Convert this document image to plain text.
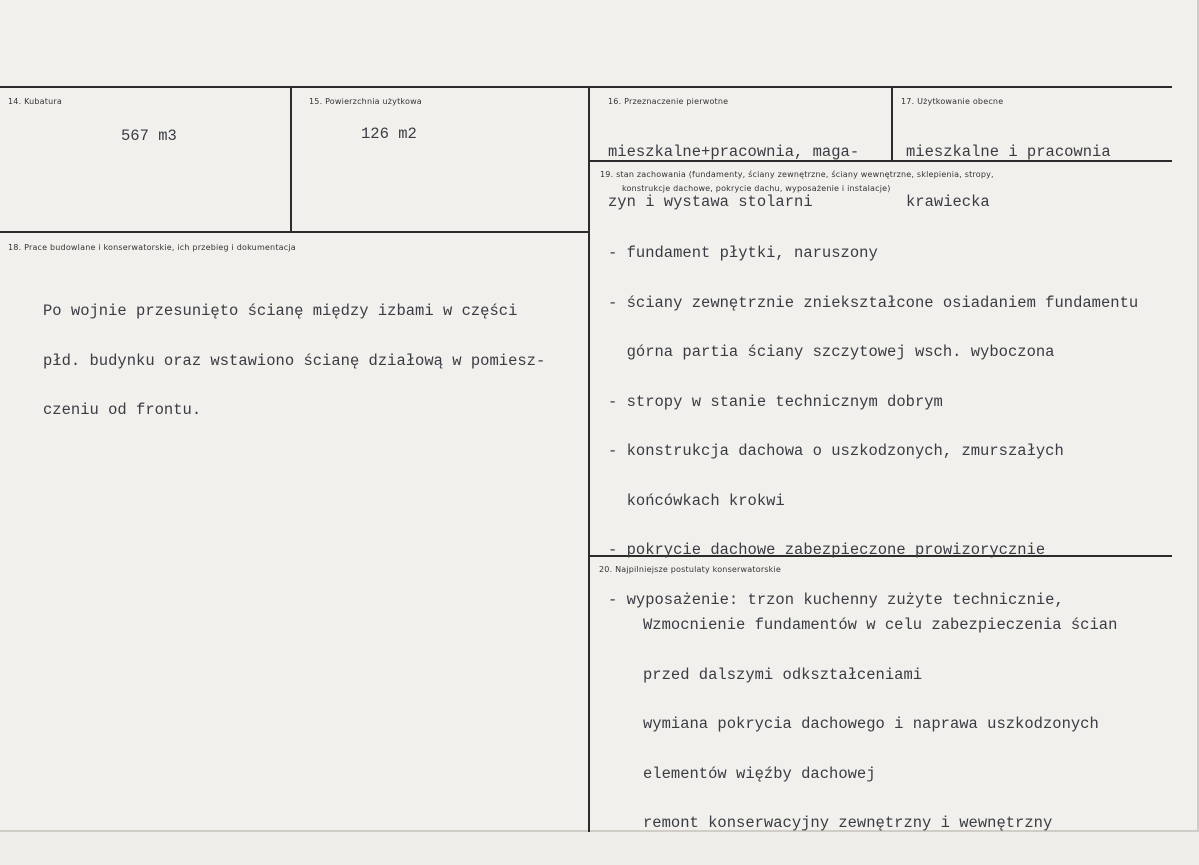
14. Kubatura
567 m3
15. Powierzchnia użytkowa
126 m2
16. Przeznaczenie pierwotne

mieszkalne+pracownia, maga-

zyn i wystawa stolarni

17. Użytkowanie obecne

mieszkalne i pracownia

krawiecka

18. Prace budowlane i konserwatorskie, ich przebieg i dokumentacja

Po wojnie przesunięto ścianę między izbami w części

płd. budynku oraz wstawiono ścianę działową w pomiesz-

czeniu od frontu.

19. stan zachowania (fundamenty, ściany zewnętrzne, ściany wewnętrzne, sklepienia, stropy,
konstrukcje dachowe, pokrycie dachu, wyposażenie i instalacje)

- fundament płytki, naruszony

- ściany zewnętrznie zniekształcone osiadaniem fundamentu

górna partia ściany szczytowej wsch. wyboczona

- stropy w stanie technicznym dobrym

- konstrukcja dachowa o uszkodzonych, zmurszałych

końcówkach krokwi

- pokrycie dachowe zabezpieczone prowizorycznie

- wyposażenie: trzon kuchenny zużyte technicznie,

20. Najpilniejsze postulaty konserwatorskie

Wzmocnienie fundamentów w celu zabezpieczenia ścian

przed dalszymi odkształceniami

wymiana pokrycia dachowego i naprawa uszkodzonych

elementów więźby dachowej

remont konserwacyjny zewnętrzny i wewnętrzny
